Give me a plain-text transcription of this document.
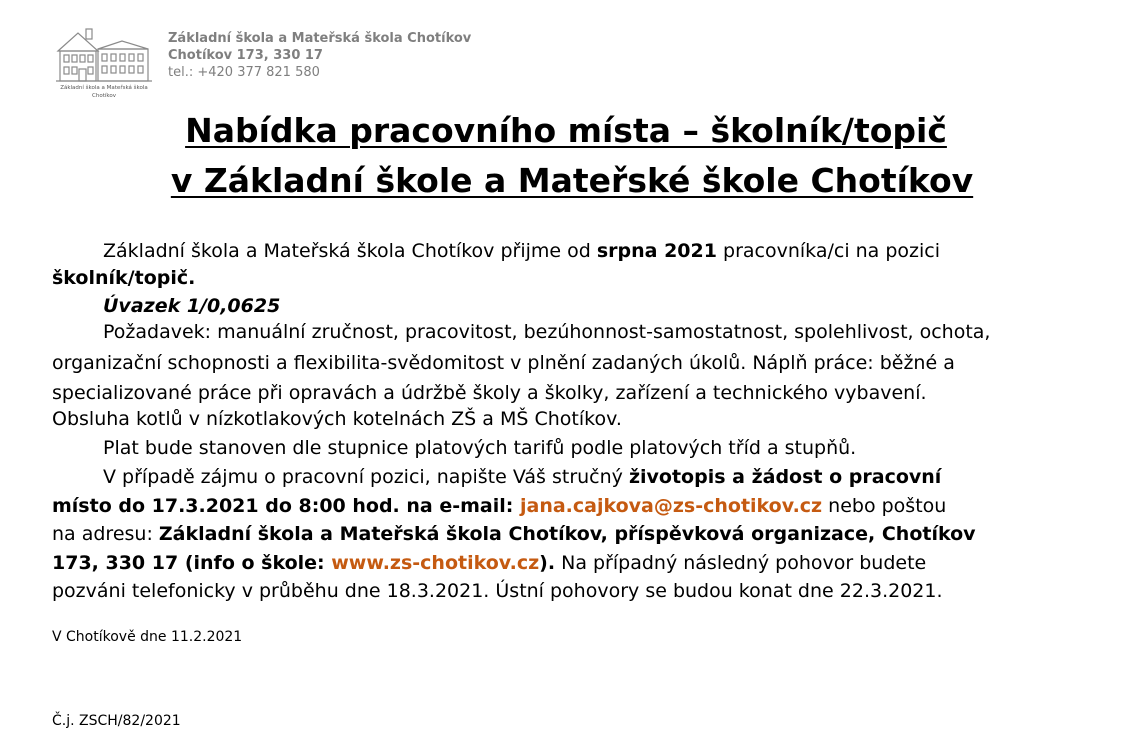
Základní škola a Mateřská škola
Chotíkov
Základní škola a Mateřská škola Chotíkov
Chotíkov 173, 330 17
tel.: +420 377 821 580
Nabídka pracovního místa – školník/topič
v Základní škole a Mateřské škole Chotíkov
Základní škola a Mateřská škola Chotíkov přijme od srpna 2021 pracovníka/ci na pozici
školník/topič.
Úvazek 1/0,0625
Požadavek: manuální zručnost, pracovitost, bezúhonnost-samostatnost, spolehlivost, ochota,
organizační schopnosti a flexibilita-svědomitost v plnění zadaných úkolů. Náplň práce: běžné a
specializované práce při opravách a údržbě školy a školky, zařízení a technického vybavení.
Obsluha kotlů v nízkotlakových kotelnách ZŠ a MŠ Chotíkov.
Plat bude stanoven dle stupnice platových tarifů podle platových tříd a stupňů.
V případě zájmu o pracovní pozici, napište Váš stručný životopis a žádost o pracovní
místo do 17.3.2021 do 8:00 hod. na e-mail: jana.cajkova@zs-chotikov.cz nebo poštou
na adresu: Základní škola a Mateřská škola Chotíkov, příspěvková organizace, Chotíkov
173, 330 17 (info o škole: www.zs-chotikov.cz). Na případný následný pohovor budete
pozváni telefonicky v průběhu dne 18.3.2021. Ústní pohovory se budou konat dne 22.3.2021.
V Chotíkově dne 11.2.2021
Č.j. ZSCH/82/2021
